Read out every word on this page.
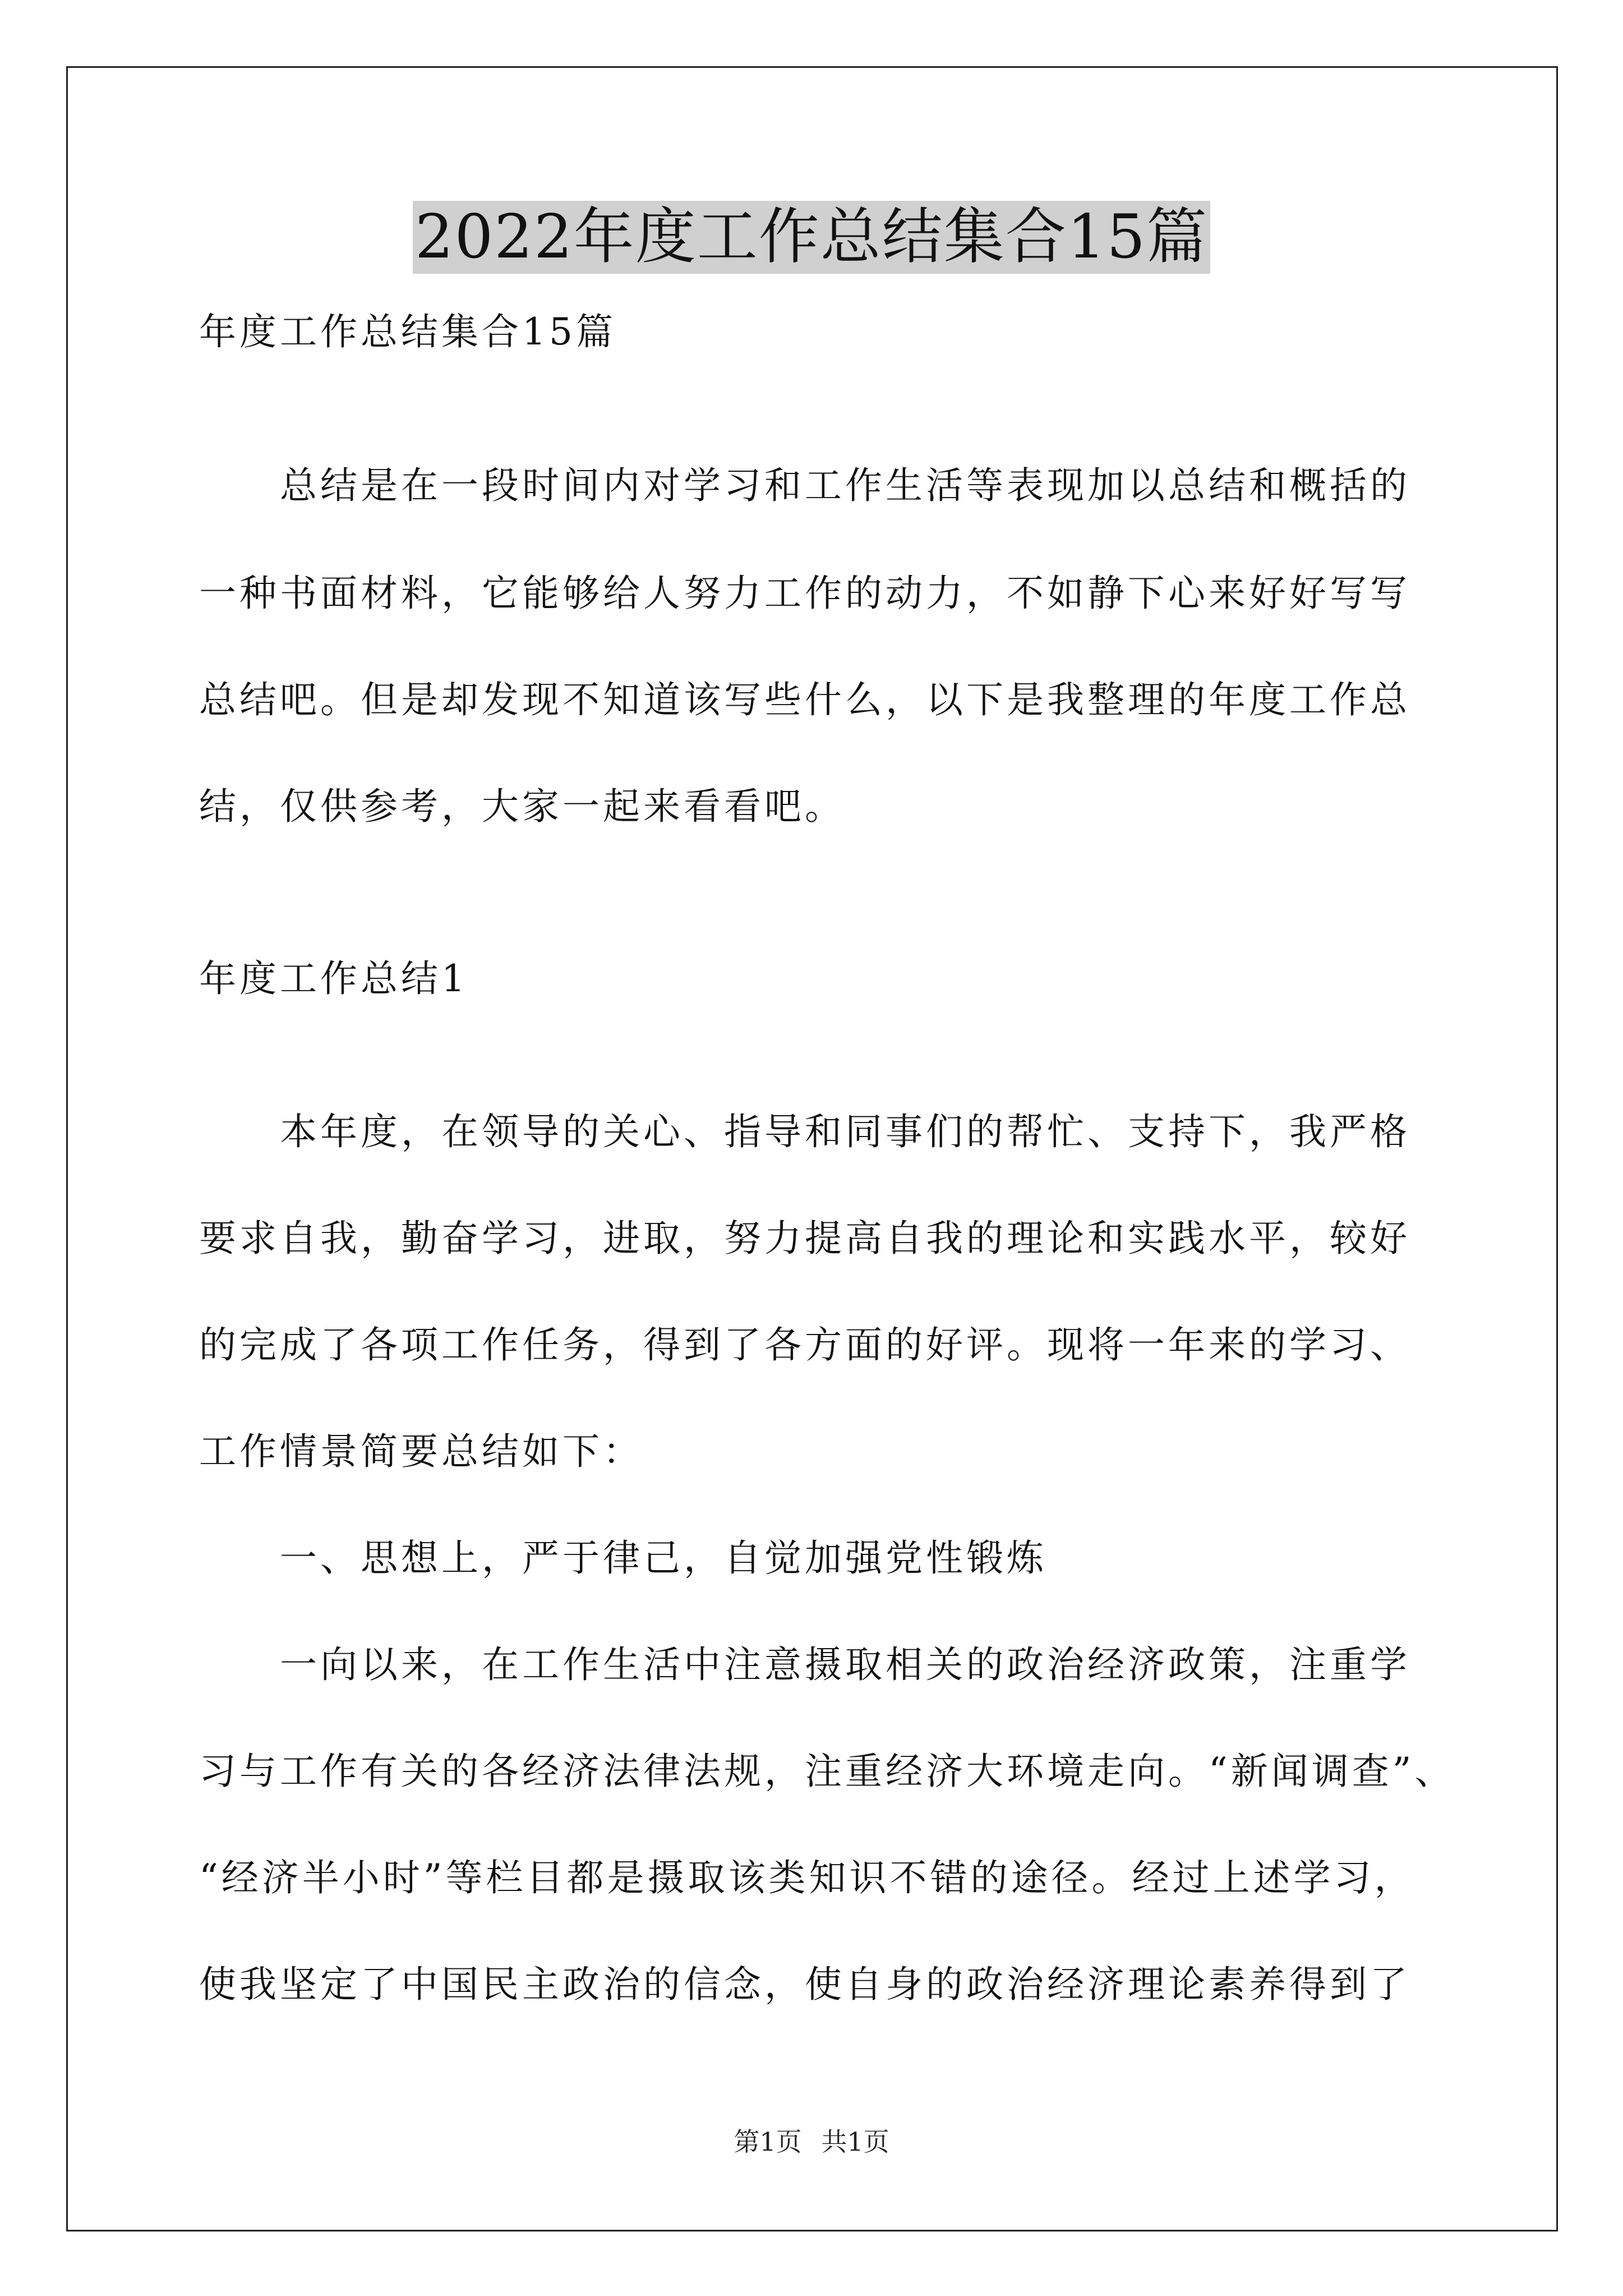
2022年度工作总结集合15篇
年度工作总结集合15篇
　　总结是在一段时间内对学习和工作生活等表现加以总结和概括的
一种书面材料，它能够给人努力工作的动力，不如静下心来好好写写
总结吧。但是却发现不知道该写些什么，以下是我整理的年度工作总
结，仅供参考，大家一起来看看吧。
年度工作总结1
　　本年度，在领导的关心、指导和同事们的帮忙、支持下，我严格
要求自我，勤奋学习，进取，努力提高自我的理论和实践水平，较好
的完成了各项工作任务，得到了各方面的好评。现将一年来的学习、
工作情景简要总结如下：
　　一、思想上，严于律己，自觉加强党性锻炼
　　一向以来，在工作生活中注意摄取相关的政治经济政策，注重学
习与工作有关的各经济法律法规，注重经济大环境走向。“新闻调查”、
“经济半小时”等栏目都是摄取该类知识不错的途径。经过上述学习，
使我坚定了中国民主政治的信念，使自身的政治经济理论素养得到了
第1页 共1页
